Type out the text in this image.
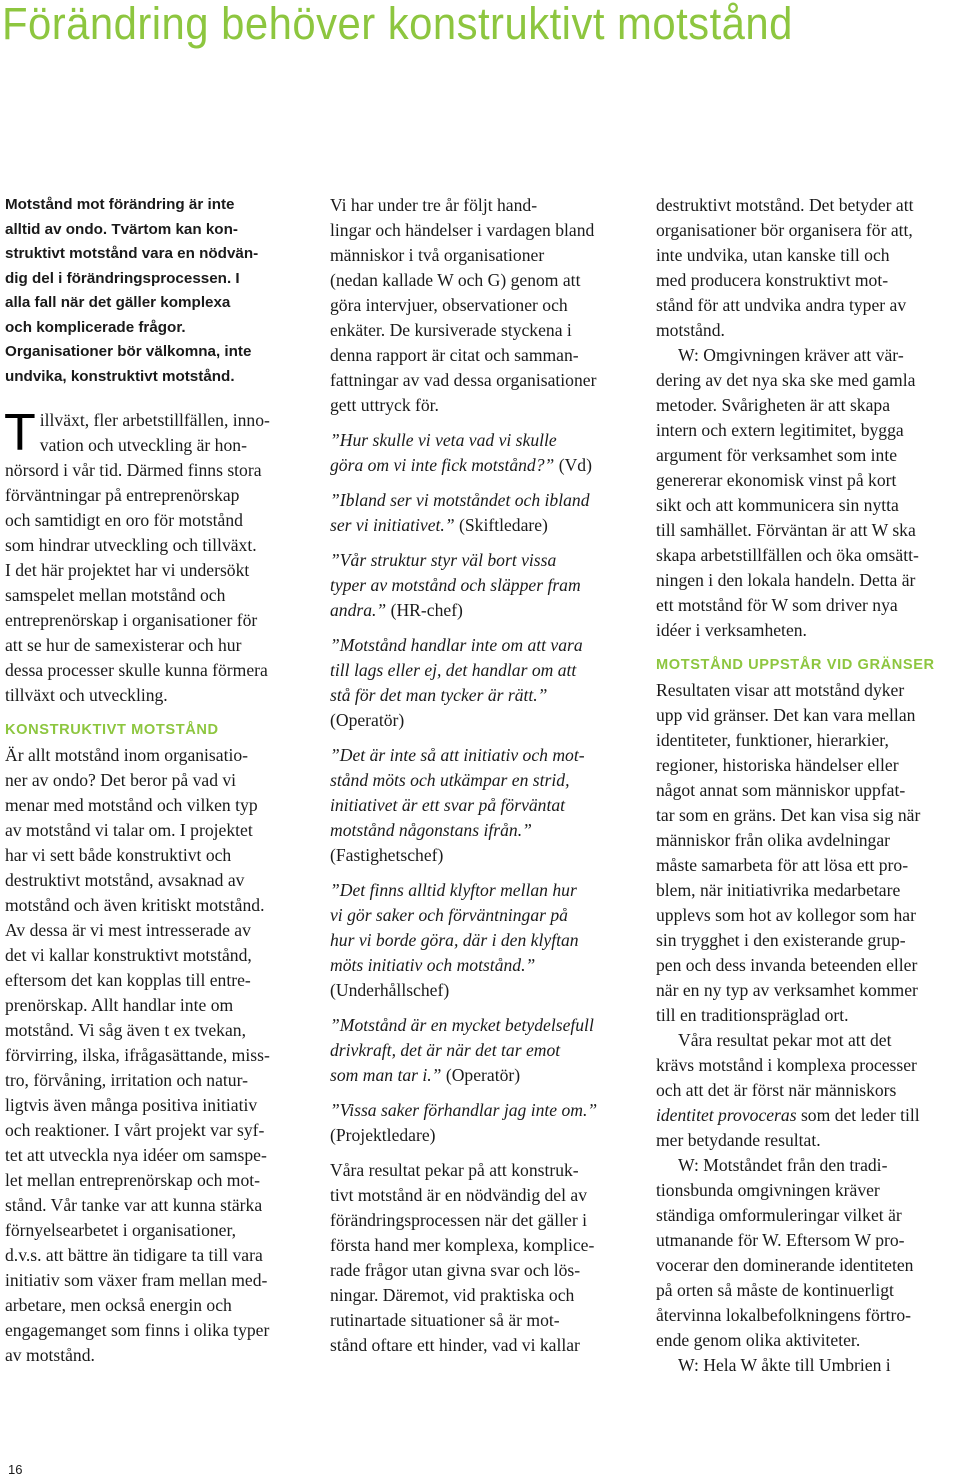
Förändring behöver konstruktivt motstånd

Motstånd mot förändring är inte
alltid av ondo. Tvärtom kan kon-
struktivt motstånd vara en nödvän-
dig del i förändringsprocessen. I
alla fall när det gäller komplexa
och komplicerade frågor.
Organisationer bör välkomna, inte
undvika, konstruktivt motstånd.

T illväxt, fler arbetstillfällen, inno-
vation och utveckling är hon-
nörsord i vår tid. Därmed finns stora
förväntningar på entreprenörskap
och samtidigt en oro för motstånd
som hindrar utveckling och tillväxt.
I det här projektet har vi undersökt
samspelet mellan motstånd och
entreprenörskap i organisationer för
att se hur de samexisterar och hur
dessa processer skulle kunna förmera
tillväxt och utveckling.

KONSTRUKTIVT MOTSTÅND

Är allt motstånd inom organisatio-
ner av ondo? Det beror på vad vi
menar med motstånd och vilken typ
av motstånd vi talar om. I projektet
har vi sett både konstruktivt och
destruktivt motstånd, avsaknad av
motstånd och även kritiskt motstånd.
Av dessa är vi mest intresserade av
det vi kallar konstruktivt motstånd,
eftersom det kan kopplas till entre-
prenörskap. Allt handlar inte om
motstånd. Vi såg även t ex tvekan,
förvirring, ilska, ifrågasättande, miss-
tro, förvåning, irritation och natur-
ligtvis även många positiva initiativ
och reaktioner. I vårt projekt var syf-
tet att utveckla nya idéer om samspe-
let mellan entreprenörskap och mot-
stånd. Vår tanke var att kunna stärka
förnyelsearbetet i organisationer,
d.v.s. att bättre än tidigare ta till vara
initiativ som växer fram mellan med-
arbetare, men också energin och
engagemanget som finns i olika typer
av motstånd.

Vi har under tre år följt hand-
lingar och händelser i vardagen bland
människor i två organisationer
(nedan kallade W och G) genom att
göra intervjuer, observationer och
enkäter. De kursiverade styckena i
denna rapport är citat och samman-
fattningar av vad dessa organisationer
gett uttryck för.

”Hur skulle vi veta vad vi skulle
göra om vi inte fick motstånd?” (Vd)

”Ibland ser vi motståndet och ibland
ser vi initiativet.” (Skiftledare)

”Vår struktur styr väl bort vissa
typer av motstånd och släpper fram
andra.” (HR-chef)

”Motstånd handlar inte om att vara
till lags eller ej, det handlar om att
stå för det man tycker är rätt.”
(Operatör)

”Det är inte så att initiativ och mot-
stånd möts och utkämpar en strid,
initiativet är ett svar på förväntat
motstånd någonstans ifrån.”
(Fastighetschef)

”Det finns alltid klyftor mellan hur
vi gör saker och förväntningar på
hur vi borde göra, där i den klyftan
möts initiativ och motstånd.”
(Underhållschef)

”Motstånd är en mycket betydelsefull
drivkraft, det är när det tar emot
som man tar i.” (Operatör)

”Vissa saker förhandlar jag inte om.”
(Projektledare)

Våra resultat pekar på att konstruk-
tivt motstånd är en nödvändig del av
förändringsprocessen när det gäller i
första hand mer komplexa, komplice-
rade frågor utan givna svar och lös-
ningar. Däremot, vid praktiska och
rutinartade situationer så är mot-
stånd oftare ett hinder, vad vi kallar

destruktivt motstånd. Det betyder att
organisationer bör organisera för att,
inte undvika, utan kanske till och
med producera konstruktivt mot-
stånd för att undvika andra typer av
motstånd.

W: Omgivningen kräver att vär-
dering av det nya ska ske med gamla
metoder. Svårigheten är att skapa
intern och extern legitimitet, bygga
argument för verksamhet som inte
genererar ekonomisk vinst på kort
sikt och att kommunicera sin nytta
till samhället. Förväntan är att W ska
skapa arbetstillfällen och öka omsätt-
ningen i den lokala handeln. Detta är
ett motstånd för W som driver nya
idéer i verksamheten.

MOTSTÅND UPPSTÅR VID GRÄNSER

Resultaten visar att motstånd dyker
upp vid gränser. Det kan vara mellan
identiteter, funktioner, hierarkier,
regioner, historiska händelser eller
något annat som människor uppfat-
tar som en gräns. Det kan visa sig när
människor från olika avdelningar
måste samarbeta för att lösa ett pro-
blem, när initiativrika medarbetare
upplevs som hot av kollegor som har
sin trygghet i den existerande grup-
pen och dess invanda beteenden eller
när en ny typ av verksamhet kommer
till en traditionspräglad ort.

Våra resultat pekar mot att det
krävs motstånd i komplexa processer
och att det är först när människors
identitet provoceras som det leder till
mer betydande resultat.

W: Motståndet från den tradi-
tionsbunda omgivningen kräver
ständiga omformuleringar vilket är
utmanande för W. Eftersom W pro-
vocerar den dominerande identiteten
på orten så måste de kontinuerligt
återvinna lokalbefolkningens förtro-
ende genom olika aktiviteter.

W: Hela W åkte till Umbrien i

16
